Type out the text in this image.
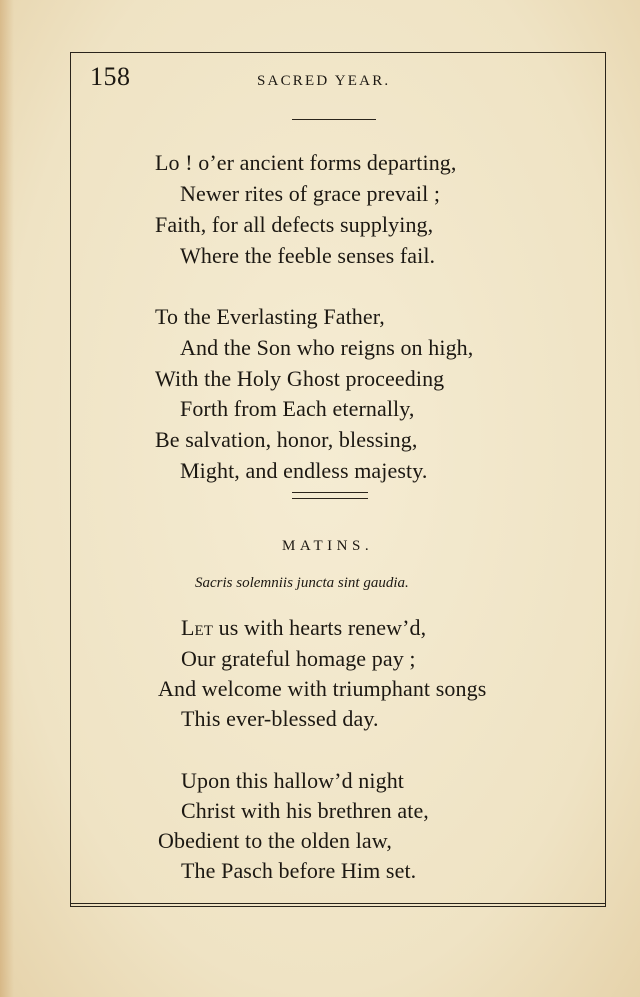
158	SACRED YEAR.
Lo ! o’er ancient forms departing,
Newer rites of grace prevail ;
Faith, for all defects supplying,
Where the feeble senses fail.
To the Everlasting Father,
And the Son who reigns on high,
With the Holy Ghost proceeding
Forth from Each eternally,
Be salvation, honor, blessing,
Might, and endless majesty.
MATINS.
Sacris solemniis juncta sint gaudia.
Let us with hearts renew’d,
Our grateful homage pay ;
And welcome with triumphant songs
This ever-blessed day.
Upon this hallow’d night
Christ with his brethren ate,
Obedient to the olden law,
The Pasch before Him set.
